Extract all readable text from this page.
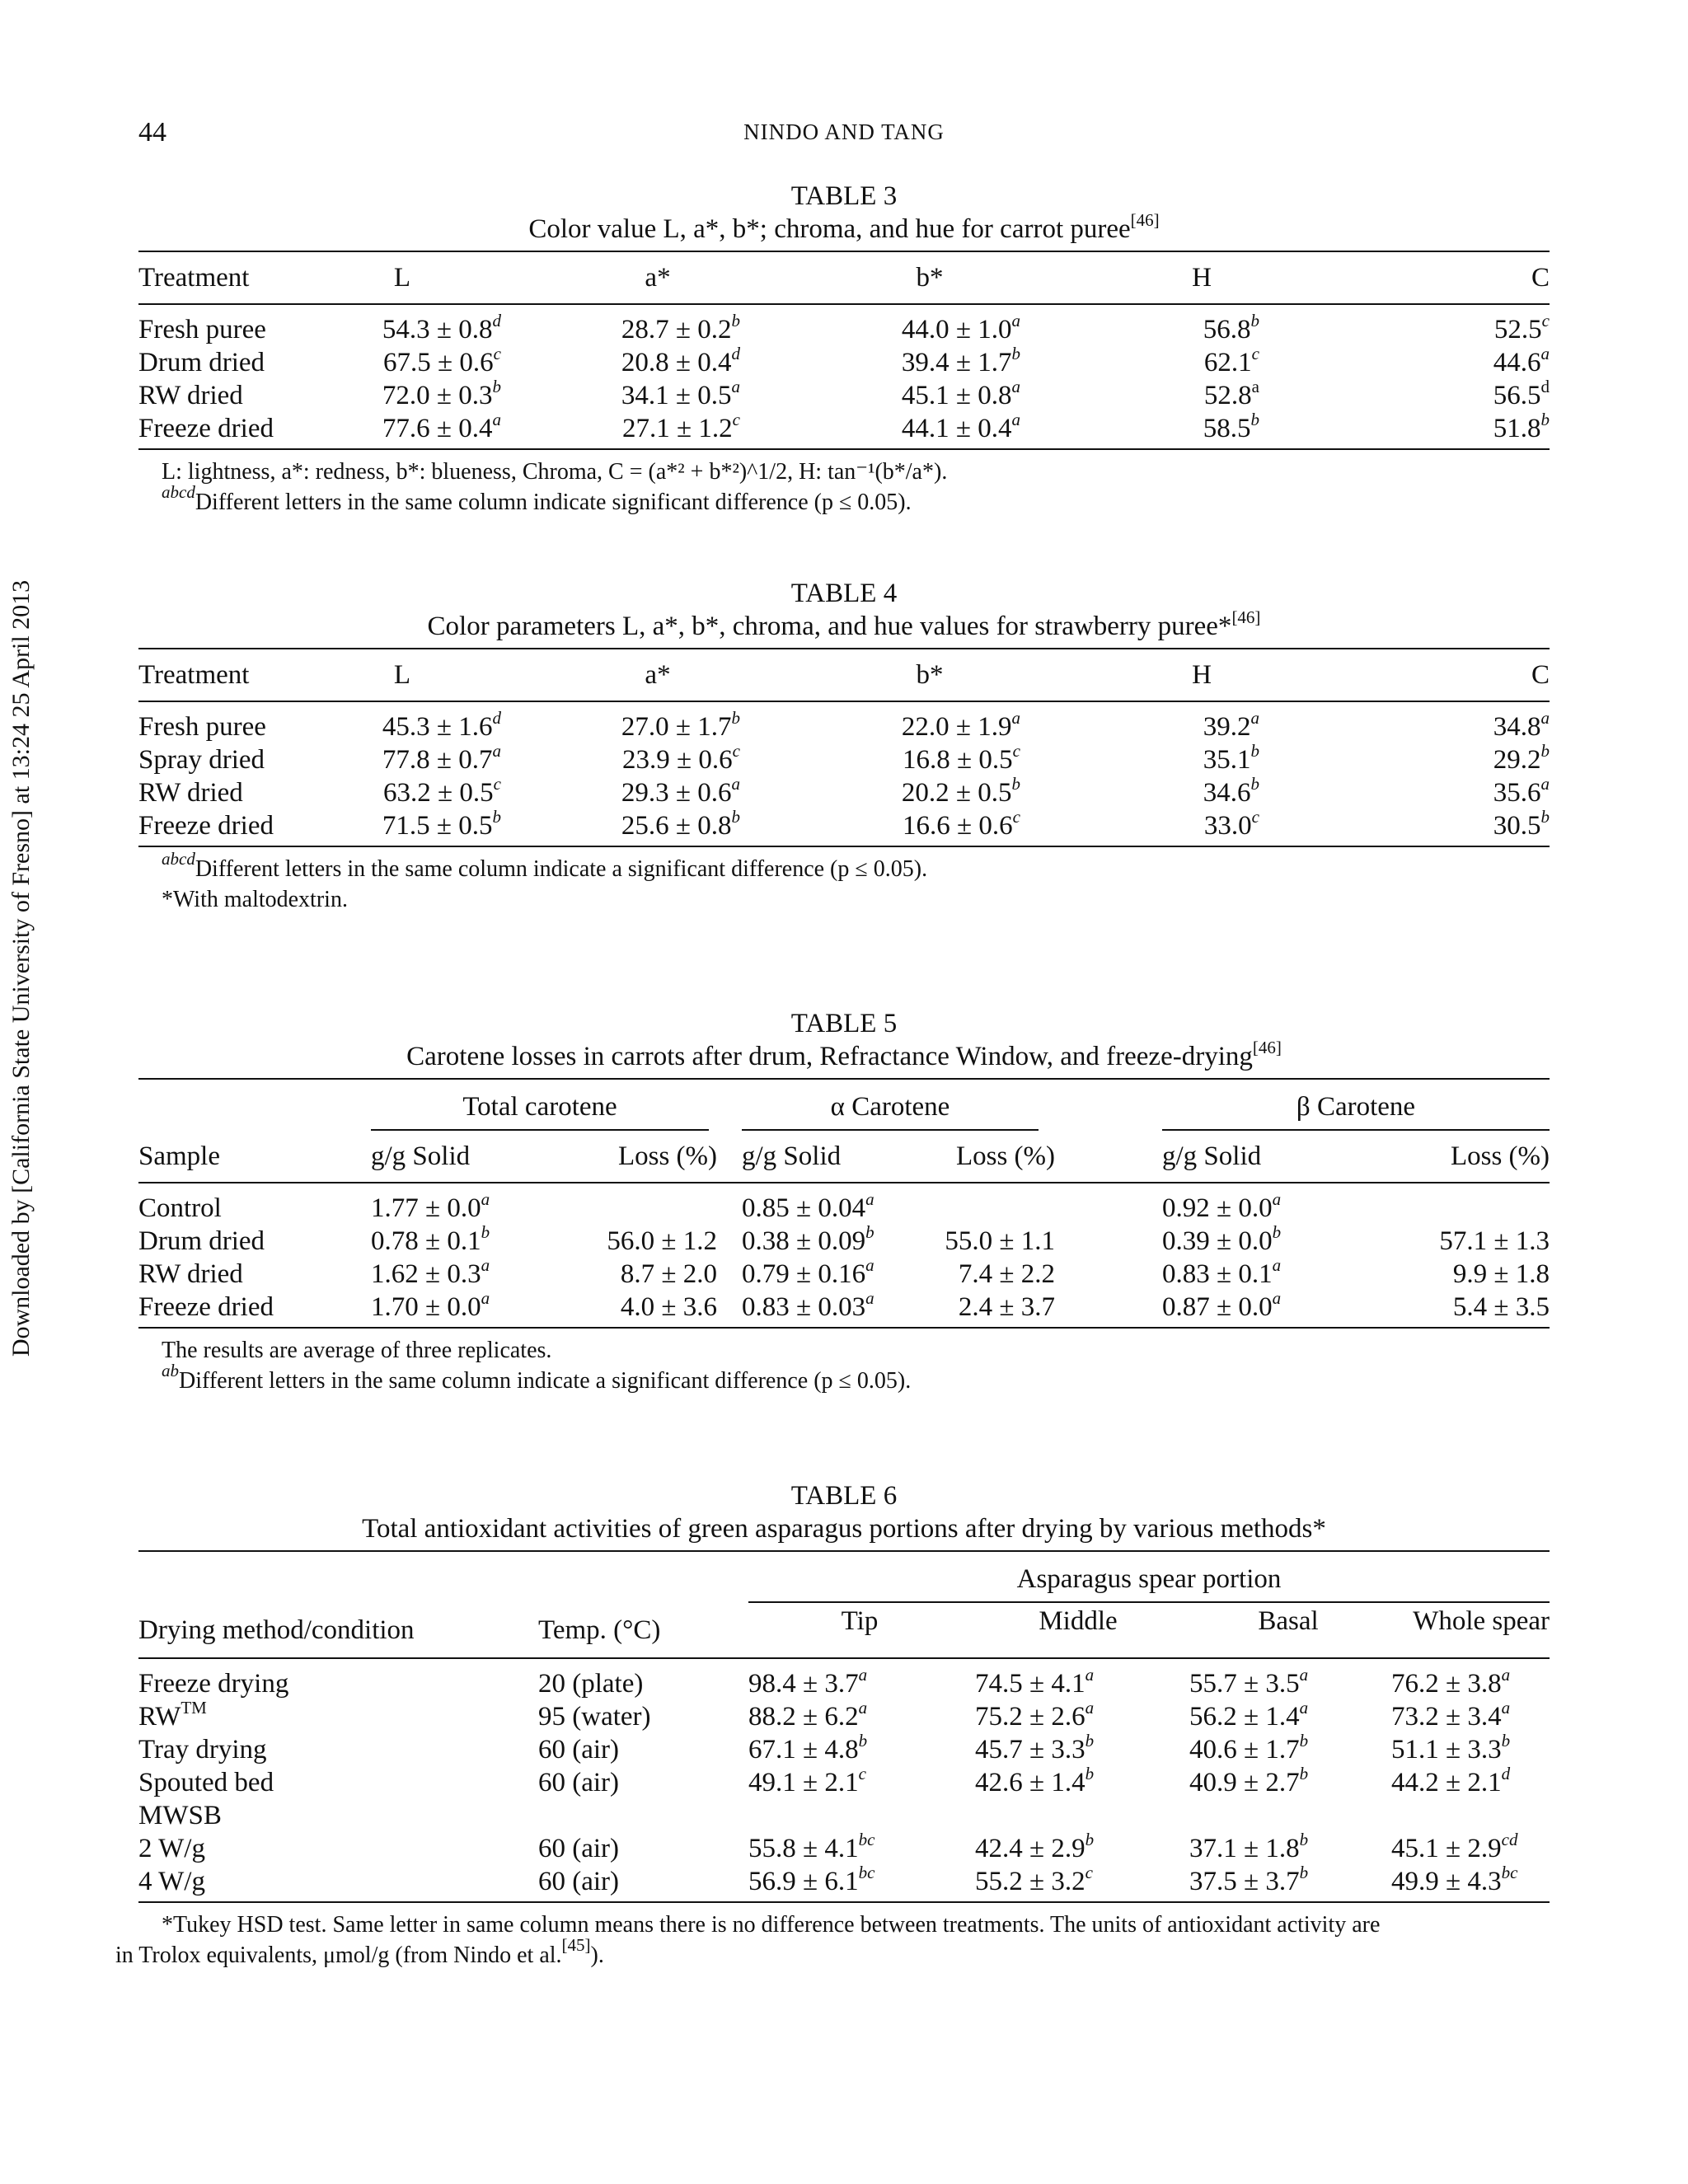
44	NINDO AND TANG
Downloaded by [California State University of Fresno] at 13:24 25 April 2013
TABLE 3
Color value L, a*, b*; chroma, and hue for carrot puree[46]
Treatment	L	a*	b*	H	C
Fresh puree	54.3 ± 0.8$^d$	28.7 ± 0.2$^b$	44.0 ± 1.0$^a$	56.8$^b$	52.5$^c$
Drum dried	67.5 ± 0.6$^c$	20.8 ± 0.4$^d$	39.4 ± 1.7$^b$	62.1$^c$	44.6$^a$
RW dried	72.0 ± 0.3$^b$	34.1 ± 0.5$^a$	45.1 ± 0.8$^a$	52.8$^a$	56.5$^d$
Freeze dried	77.6 ± 0.4$^a$	27.1 ± 1.2$^c$	44.1 ± 0.4$^a$	58.5$^b$	51.8$^b$
L: lightness, a*: redness, b*: blueness, Chroma, C = (a*² + b*²)^1/2, H: tan⁻¹(b*/a*).
$^{abcd}$Different letters in the same column indicate significant difference (p ≤ 0.05).
TABLE 4
Color parameters L, a*, b*, chroma, and hue values for strawberry puree*[46]
Treatment	L	a*	b*	H	C
Fresh puree	45.3 ± 1.6$^d$	27.0 ± 1.7$^b$	22.0 ± 1.9$^a$	39.2$^a$	34.8$^a$
Spray dried	77.8 ± 0.7$^a$	23.9 ± 0.6$^c$	16.8 ± 0.5$^c$	35.1$^b$	29.2$^b$
RW dried	63.2 ± 0.5$^c$	29.3 ± 0.6$^a$	20.2 ± 0.5$^b$	34.6$^b$	35.6$^a$
Freeze dried	71.5 ± 0.5$^b$	25.6 ± 0.8$^b$	16.6 ± 0.6$^c$	33.0$^c$	30.5$^b$
$^{abcd}$Different letters in the same column indicate a significant difference (p ≤ 0.05).
*With maltodextrin.
TABLE 5
Carotene losses in carrots after drum, Refractance Window, and freeze-drying[46]

	Total carotene		α Carotene		β Carotene	

Sample	g/g Solid	Loss (%)	g/g Solid	Loss (%)	g/g Solid	Loss (%)
Control	1.77 ± 0.0$^a$		0.85 ± 0.04$^a$		0.92 ± 0.0$^a$	
Drum dried	0.78 ± 0.1$^b$	56.0 ± 1.2	0.38 ± 0.09$^b$	55.0 ± 1.1	0.39 ± 0.0$^b$	57.1 ± 1.3
RW dried	1.62 ± 0.3$^a$	8.7 ± 2.0	0.79 ± 0.16$^a$	7.4 ± 2.2	0.83 ± 0.1$^a$	9.9 ± 1.8
Freeze dried	1.70 ± 0.0$^a$	4.0 ± 3.6	0.83 ± 0.03$^a$	2.4 ± 3.7	0.87 ± 0.0$^a$	5.4 ± 3.5
The results are average of three replicates.
$^{ab}$Different letters in the same column indicate a significant difference (p ≤ 0.05).
TABLE 6
Total antioxidant activities of green asparagus portions after drying by various methods*

		Asparagus spear portion			

Drying method/condition	Temp. (°C)	Tip	Middle	Basal	Whole spear
Freeze drying	20 (plate)	98.4 ± 3.7$^a$	74.5 ± 4.1$^a$	55.7 ± 3.5$^a$	76.2 ± 3.8$^a$
RW™	95 (water)	88.2 ± 6.2$^a$	75.2 ± 2.6$^a$	56.2 ± 1.4$^a$	73.2 ± 3.4$^a$
Tray drying	60 (air)	67.1 ± 4.8$^b$	45.7 ± 3.3$^b$	40.6 ± 1.7$^b$	51.1 ± 3.3$^b$
Spouted bed	60 (air)	49.1 ± 2.1$^c$	42.6 ± 1.4$^b$	40.9 ± 2.7$^b$	44.2 ± 2.1$^d$
MWSB					
2 W/g	60 (air)	55.8 ± 4.1$^{bc}$	42.4 ± 2.9$^b$	37.1 ± 1.8$^b$	45.1 ± 2.9$^{cd}$
4 W/g	60 (air)	56.9 ± 6.1$^{bc}$	55.2 ± 3.2$^c$	37.5 ± 3.7$^b$	49.9 ± 4.3$^{bc}$
*Tukey HSD test. Same letter in same column means there is no difference between treatments. The units of antioxidant activity are
in Trolox equivalents, μmol/g (from Nindo et al.[45]).
